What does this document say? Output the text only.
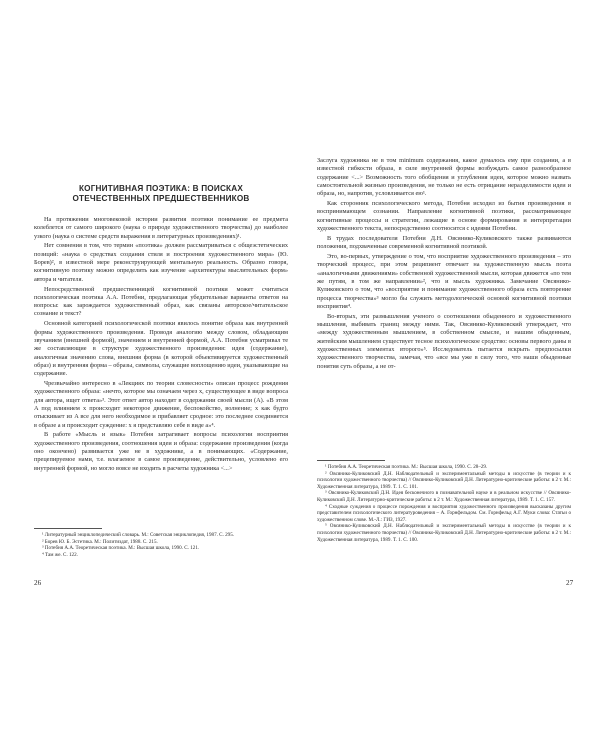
КОГНИТИВНАЯ ПОЭТИКА: В ПОИСКАХ
ОТЕЧЕСТВЕННЫХ ПРЕДШЕСТВЕННИКОВ

На протяжении многовековой истории развития поэтики понимание ее предмета колеблется от самого широкого (наука о природе художественного творчества) до наиболее узкого (наука о системе средств выражения в литературных произведениях)¹.

Нет сомнения в том, что термин «поэтика» должен рассматриваться с общеэстетических позиций: «наука о средствах создания стиля и построения художественного мира» (Ю. Борев)², в известной мере реконструирующей ментальную реальность. Образно говоря, когнитивную поэтику можно определить как изучение «архитектуры мыслительных форм» автора и читателя.

Непосредственной предшественницей когнитивной поэтики может считаться психологическая поэтика А.А. Потебни, предлагающая убедительные варианты ответов на вопросы: как зарождается художественный образ, как связаны авторское/читательское сознание и текст?

Основной категорией психологической поэтики явилось понятие образа как внутренней формы художественного произведения. Проводя аналогию между словом, обладающим звучанием (внешней формой), значением и внутренней формой, А.А. Потебня усматривал те же составляющие в структуре художественного произведения: идея (содержание), аналогичная значению слова, внешняя форма (в которой объективируется художественный образ) и внутренняя форма – образы, символы, служащие воплощению идеи, указывающие на содержание.

Чрезвычайно интересно в «Лекциях по теории словесности» описан процесс рождения художественного образа: «нечто, которое мы означаем через x, существующее в виде вопроса для автора, ищет ответа»³. Этот ответ автор находит в содержании своей мысли (A). «В этом A под влиянием x происходит некоторое движение, беспокойство, волнение; x как будто отыскивает из A все для него необходимое и прибавляет сродное: это последнее соединяется в образе a и происходит суждение: x я представляю себе в виде a»⁴.

В работе «Мысль и язык» Потебня затрагивает вопросы психологии восприятия художественного произведения, соотношения идеи и образа: содержание произведения (когда оно окончено) развивается уже не в художнике, а в понимающих. «Содержание, прецепируемое нами, т.е. влагаемое в самое произведение, действительно, условлено его внутренней формой, но могло вовсе не входить в расчеты художника <...>

¹ Литературный энциклопедический словарь. М.: Советская энциклопедия, 1987. С. 295.

² Борев Ю. Б. Эстетика. М.: Политиздат, 1988. С. 215.

³ Потебня А.А. Теоретическая поэтика. М.: Высшая школа, 1990. С. 121.

⁴ Там же. С. 122.

Заслуга художника не в том minimum содержания, какое думалось ему при создании, а в известной гибкости образа, в силе внутренней формы возбуждать самое разнообразное содержание <...> Возможность того обобщения и углубления идеи, которое можно назвать самостоятельной жизнью произведения, не только не есть отрицание неразделимости идеи и образа, но, напротив, условливается ею¹.

Как сторонник психологического метода, Потебня исходил из бытия произведения в воспринимающем сознании. Направление когнитивной поэтики, рассматривающее когнитивные процессы и стратегии, лежащие в основе формирования и интерпретации художественного текста, непосредственно соотносится с идеями Потебни.

В трудах последователя Потебни Д.Н. Овсянико-Куликовского также развиваются положения, подхваченные современной когнитивной поэтикой.

Это, во-первых, утверждение о том, что восприятие художественного произведения – это творческий процесс, при этом реципиент отвечает на художественную мысль поэта «аналогичными движениями» собственной художественной мысли, которая движется «по тем же путям, в том же направлении»², что и мысль художника. Замечание Овсянико-Куликовского о том, что «восприятие и понимание художественного образа есть повторение процесса творчества»³ могло бы служить методологической основой когнитивной поэтики восприятия⁴.

Во-вторых, эти размышления ученого о соотношении обыденного и художественного мышления, выбивать границ между ними. Так, Овсянико-Куликовский утверждает, что «между художественным мышлением, в собственном смысле, и нашим обыденным, житейским мышлением существует тесное психологическое сродство: основы первого даны в художественных элементах второго»⁵. Исследователь пытается вскрыть предпосылки художественного творчества, замечая, что «все мы уже в силу того, что наши обыденные понятия суть образы, а не от-

¹ Потебня А.А. Теоретическая поэтика. М.: Высшая школа, 1990. С. 28–29.

² Овсянико-Куликовский Д.Н. Наблюдательный и экспериментальный методы в искусстве (в теории и к психологии художественного творчества) // Овсянико-Куликовский Д.Н. Литературно-критические работы: в 2 т. М.: Художественная литература, 1989. Т. 1. С. 101.

³ Овсянико-Куликовский Д.Н. Идея бесконечного в познавательной науке и в реальном искусстве // Овсянико-Куликовский Д.Н. Литературно-критические работы: в 2 т. М.: Художественная литература, 1989. Т. 1. С. 157.

⁴ Сходные суждения о процессе порождения и восприятия художественного произведения высказаны другим представителем психологического литературоведения – А. Горнфельдом. См. Горнфельд А.Г. Муки слова: Статьи о художественном слове. М.-Л.: ГИЗ, 1927.

⁵ Овсянико-Куликовский Д.Н. Наблюдательный и экспериментальный методы в искусстве (в теории и к психологии художественного творчества) // Овсянико-Куликовский Д.Н. Литературно-критические работы: в 2 т. М.: Художественная литература, 1989. Т. 1. С. 100.

26	27
